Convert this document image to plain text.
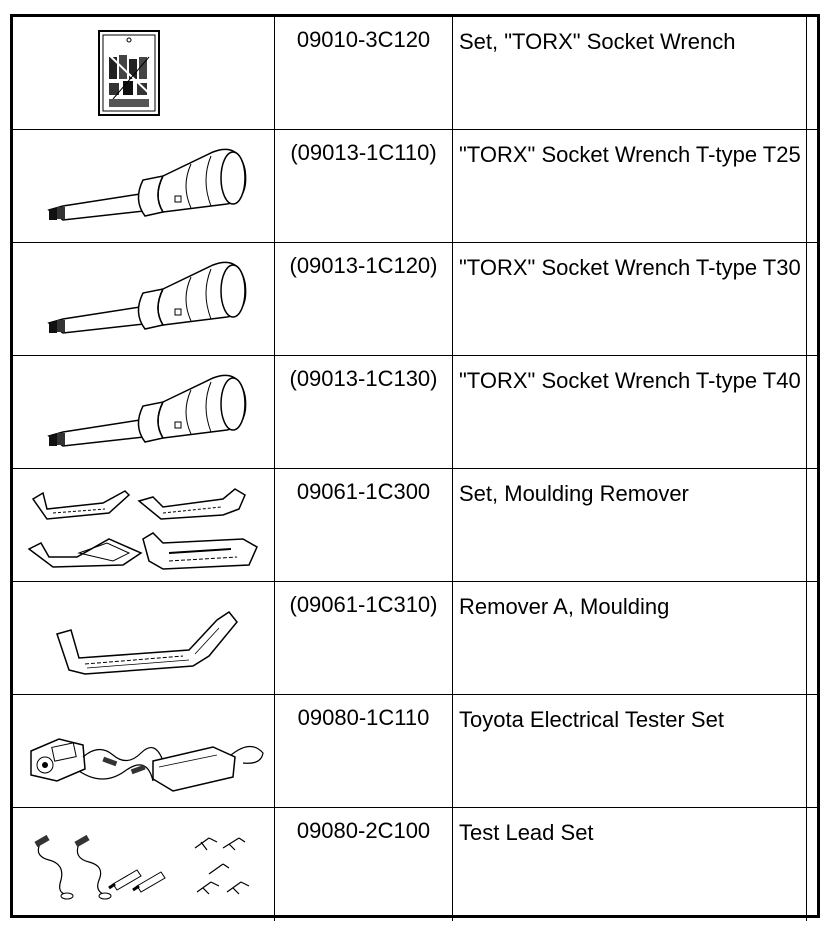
09010-3C120	Set, "TORX" Socket Wrench
(09013-1C110)	"TORX" Socket Wrench T-type T25
(09013-1C120) "TORX" Socket Wrench T-type T30
(09013-1C130) "TORX" Socket Wrench T-type T40
09061-1C300	Set, Moulding Remover
(09061-1C310) Remover A, Moulding
09080-1C110	Toyota Electrical Tester Set
09080-2C100	Test Lead Set
